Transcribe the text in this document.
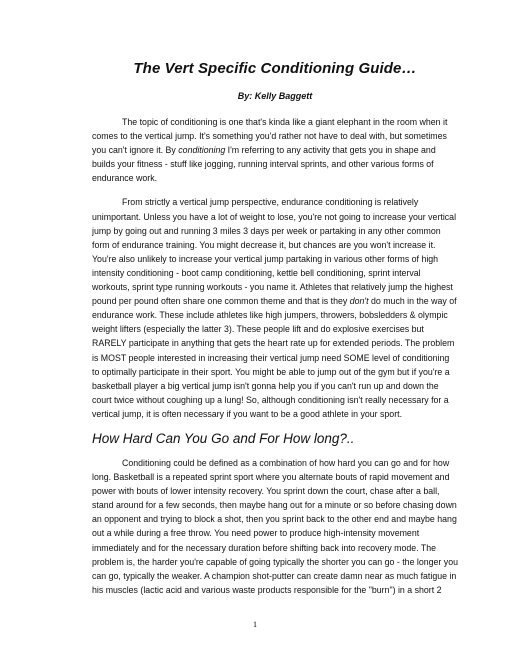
The Vert Specific Conditioning Guide…
By: Kelly Baggett

The topic of conditioning is one that's kinda like a giant elephant in the room when it comes to the vertical jump. It's something you'd rather not have to deal with, but sometimes you can't ignore it. By conditioning I'm referring to any activity that gets you in shape and builds your fitness - stuff like jogging, running interval sprints, and other various forms of endurance work.

From strictly a vertical jump perspective, endurance conditioning is relatively unimportant. Unless you have a lot of weight to lose, you're not going to increase your vertical jump by going out and running 3 miles 3 days per week or partaking in any other common form of endurance training. You might decrease it, but chances are you won't increase it. You're also unlikely to increase your vertical jump partaking in various other forms of high intensity conditioning - boot camp conditioning, kettle bell conditioning, sprint interval workouts, sprint type running workouts - you name it. Athletes that relatively jump the highest pound per pound often share one common theme and that is they don't do much in the way of endurance work. These include athletes like high jumpers, throwers, bobsledders & olympic weight lifters (especially the latter 3). These people lift and do explosive exercises but RARELY participate in anything that gets the heart rate up for extended periods. The problem is MOST people interested in increasing their vertical jump need SOME level of conditioning to optimally participate in their sport. You might be able to jump out of the gym but if you're a basketball player a big vertical jump isn't gonna help you if you can't run up and down the court twice without coughing up a lung! So, although conditioning isn't really necessary for a vertical jump, it is often necessary if you want to be a good athlete in your sport.

How Hard Can You Go and For How long?..

Conditioning could be defined as a combination of how hard you can go and for how long. Basketball is a repeated sprint sport where you alternate bouts of rapid movement and power with bouts of lower intensity recovery. You sprint down the court, chase after a ball, stand around for a few seconds, then maybe hang out for a minute or so before chasing down an opponent and trying to block a shot, then you sprint back to the other end and maybe hang out a while during a free throw. You need power to produce high-intensity movement immediately and for the necessary duration before shifting back into recovery mode. The problem is, the harder you're capable of going typically the shorter you can go - the longer you can go, typically the weaker. A champion shot-putter can create damn near as much fatigue in his muscles (lactic acid and various waste products responsible for the "burn") in a short 2

1
